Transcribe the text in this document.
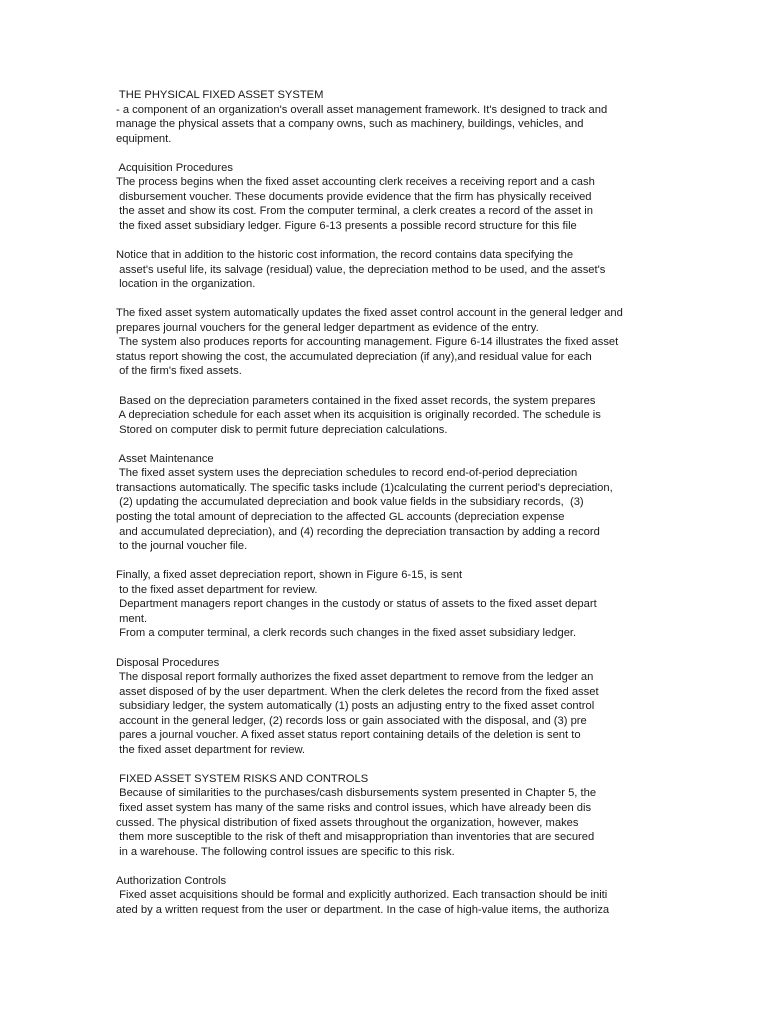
THE PHYSICAL FIXED ASSET SYSTEM
- a component of an organization's overall asset management framework. It's designed to track and
manage the physical assets that a company owns, such as machinery, buildings, vehicles, and
equipment.
Acquisition Procedures
The process begins when the fixed asset accounting clerk receives a receiving report and a cash
disbursement voucher. These documents provide evidence that the firm has physically received
the asset and show its cost. From the computer terminal, a clerk creates a record of the asset in
the fixed asset subsidiary ledger. Figure 6-13 presents a possible record structure for this file
Notice that in addition to the historic cost information, the record contains data specifying the
asset's useful life, its salvage (residual) value, the depreciation method to be used, and the asset's
location in the organization.
The fixed asset system automatically updates the fixed asset control account in the general ledger and
prepares journal vouchers for the general ledger department as evidence of the entry.
The system also produces reports for accounting management. Figure 6-14 illustrates the fixed asset
status report showing the cost, the accumulated depreciation (if any),and residual value for each
of the firm's fixed assets.
Based on the depreciation parameters contained in the fixed asset records, the system prepares
A depreciation schedule for each asset when its acquisition is originally recorded. The schedule is
Stored on computer disk to permit future depreciation calculations.
Asset Maintenance
The fixed asset system uses the depreciation schedules to record end-of-period depreciation
transactions automatically. The specific tasks include (1)calculating the current period's depreciation,
(2) updating the accumulated depreciation and book value fields in the subsidiary records,  (3)
posting the total amount of depreciation to the affected GL accounts (depreciation expense
and accumulated depreciation), and (4) recording the depreciation transaction by adding a record
to the journal voucher file.
Finally, a fixed asset depreciation report, shown in Figure 6-15, is sent
to the fixed asset department for review.
Department managers report changes in the custody or status of assets to the fixed asset depart
ment.
From a computer terminal, a clerk records such changes in the fixed asset subsidiary ledger.
Disposal Procedures
The disposal report formally authorizes the fixed asset department to remove from the ledger an
asset disposed of by the user department. When the clerk deletes the record from the fixed asset
subsidiary ledger, the system automatically (1) posts an adjusting entry to the fixed asset control
account in the general ledger, (2) records loss or gain associated with the disposal, and (3) pre
pares a journal voucher. A fixed asset status report containing details of the deletion is sent to
the fixed asset department for review.
FIXED ASSET SYSTEM RISKS AND CONTROLS
Because of similarities to the purchases/cash disbursements system presented in Chapter 5, the
fixed asset system has many of the same risks and control issues, which have already been dis
cussed. The physical distribution of fixed assets throughout the organization, however, makes
them more susceptible to the risk of theft and misappropriation than inventories that are secured
in a warehouse. The following control issues are specific to this risk.
Authorization Controls
Fixed asset acquisitions should be formal and explicitly authorized. Each transaction should be initi
ated by a written request from the user or department. In the case of high-value items, the authoriza
